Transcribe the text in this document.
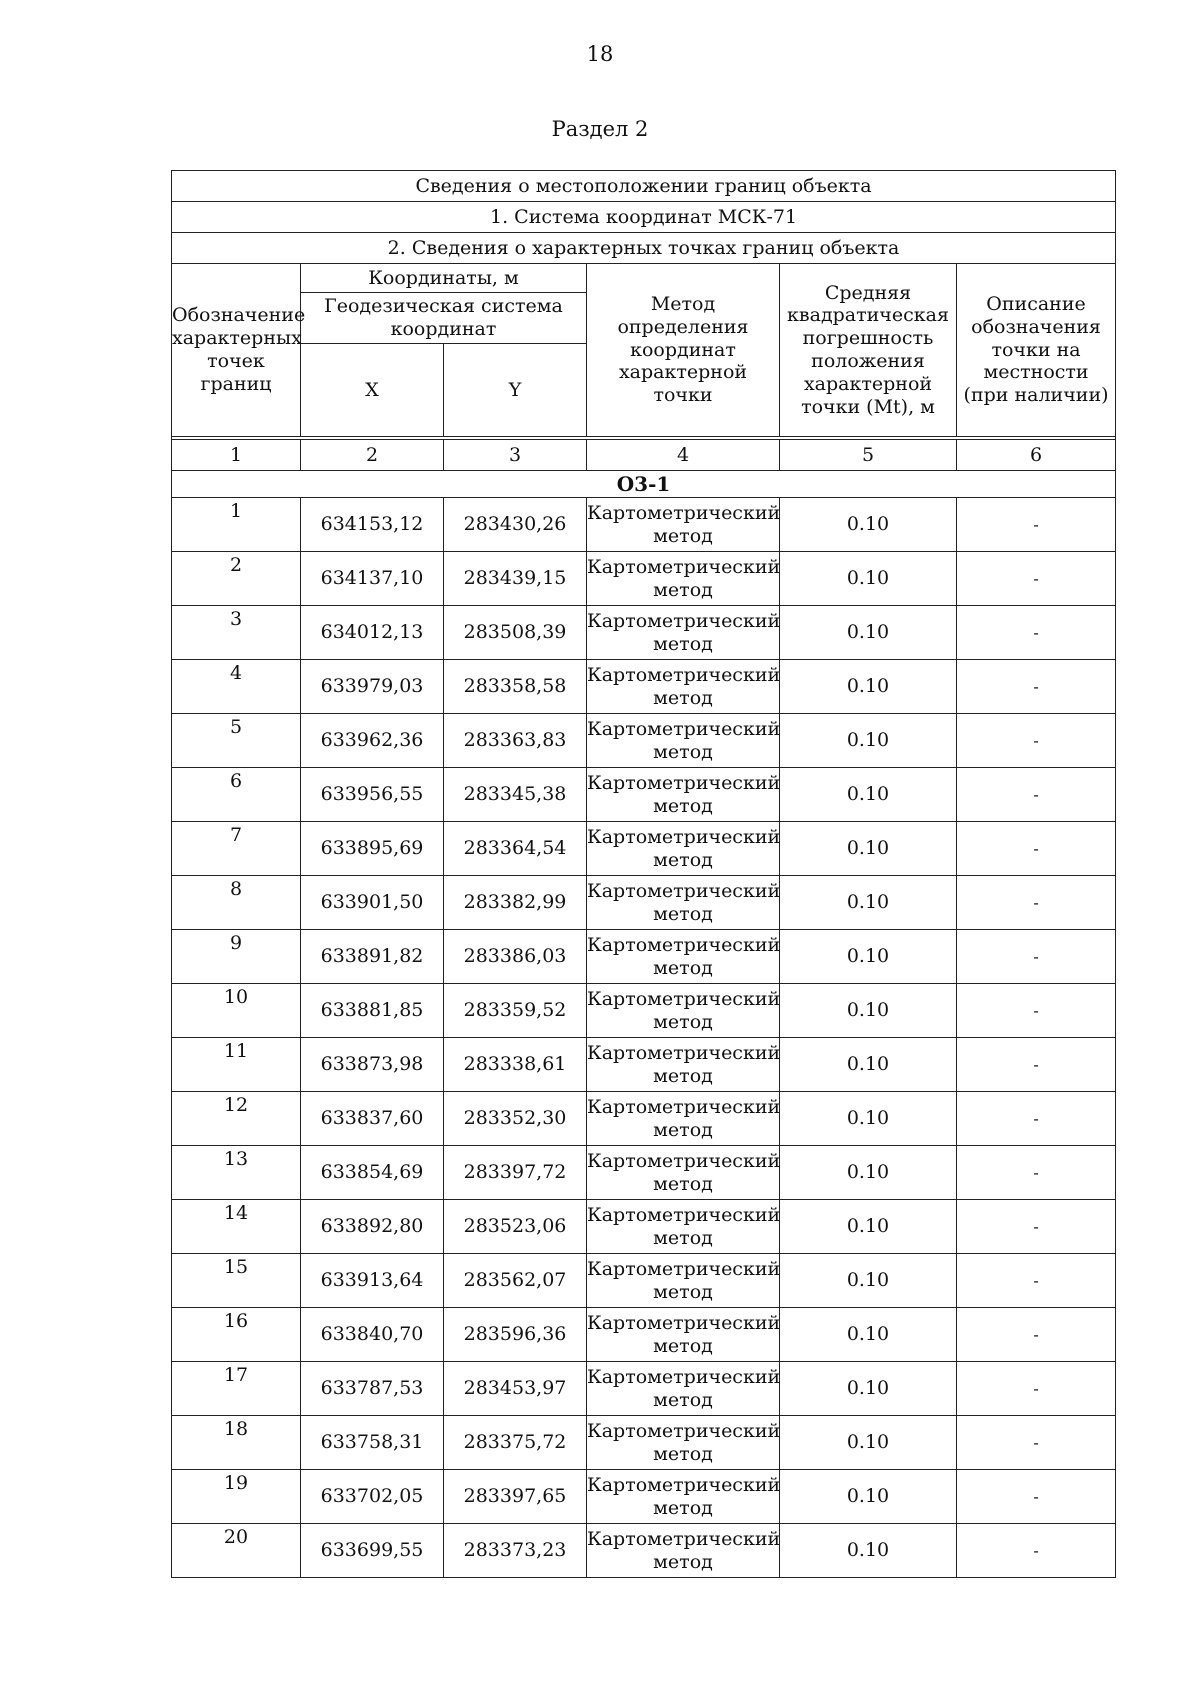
18
Раздел 2
Сведения о местоположении границ объекта					
1. Система координат МСК-71					
2. Сведения о характерных точках границ объекта					
Обозначение характерных точек границ	Координаты, м		Метод определения координат характерной точки	Средняя квадратическая погрешность положения характерной точки (Mt), м	Описание обозначения точки на местности (при наличии)
	Геодезическая система координат				
	X	Y			

1	2	3	4	5	6
О3-1					
1	634153,12	283430,26	Картометрический метод	0.10	-
2	634137,10	283439,15	Картометрический метод	0.10	-
3	634012,13	283508,39	Картометрический метод	0.10	-
4	633979,03	283358,58	Картометрический метод	0.10	-
5	633962,36	283363,83	Картометрический метод	0.10	-
6	633956,55	283345,38	Картометрический метод	0.10	-
7	633895,69	283364,54	Картометрический метод	0.10	-
8	633901,50	283382,99	Картометрический метод	0.10	-
9	633891,82	283386,03	Картометрический метод	0.10	-
10	633881,85	283359,52	Картометрический метод	0.10	-
11	633873,98	283338,61	Картометрический метод	0.10	-
12	633837,60	283352,30	Картометрический метод	0.10	-
13	633854,69	283397,72	Картометрический метод	0.10	-
14	633892,80	283523,06	Картометрический метод	0.10	-
15	633913,64	283562,07	Картометрический метод	0.10	-
16	633840,70	283596,36	Картометрический метод	0.10	-
17	633787,53	283453,97	Картометрический метод	0.10	-
18	633758,31	283375,72	Картометрический метод	0.10	-
19	633702,05	283397,65	Картометрический метод	0.10	-
20	633699,55	283373,23	Картометрический метод	0.10	-
